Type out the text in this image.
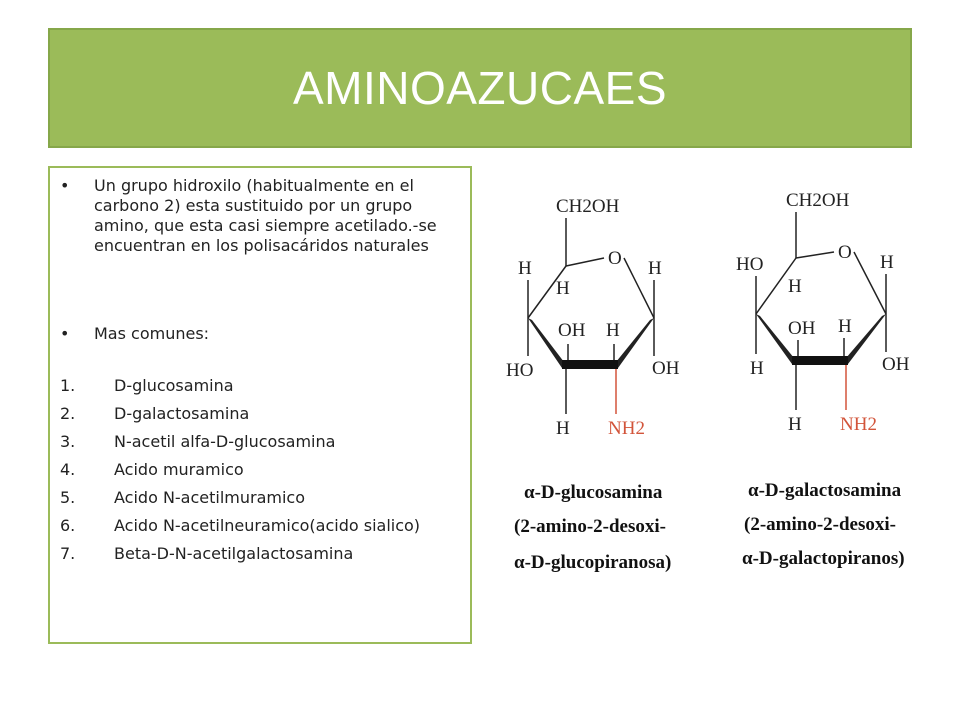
AMINOAZUCAES
• Un grupo hidroxilo (habitualmente en el carbono 2) esta sustituido por un grupo amino, que esta casi siempre acetilado.-se encuentran en los polisacáridos naturales
• Mas comunes:
1. D-glucosamina
2. D-galactosamina
3. N-acetil alfa-D-glucosamina
4. Acido muramico
5. Acido N-acetilmuramico
6. Acido N-acetilneuramico(acido sialico)
7. Beta-D-N-acetilgalactosamina
CH2OH
O
H	H
H
OH H
HO	OH
H NH2
α-D-glucosamina
(2-amino-2-desoxi-
α-D-glucopiranosa)
CH2OH
O
HO	H
H
OH H
H	OH
H NH2
α-D-galactosamina
(2-amino-2-desoxi-
α-D-galactopiranos)
